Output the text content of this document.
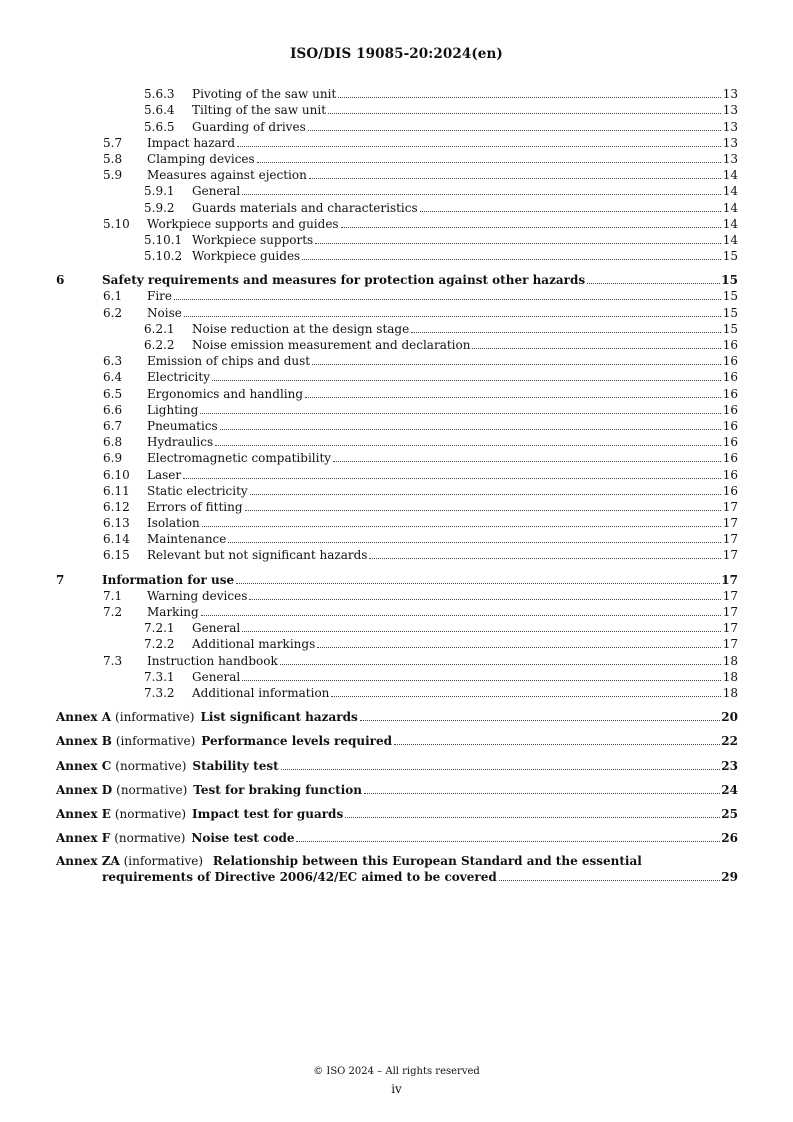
ISO/DIS 19085-20:2024(en)
5.6.3 Pivoting of the saw unit	13
5.6.4 Tilting of the saw unit	13
5.6.5 Guarding of drives	13
5.7 Impact hazard	13
5.8 Clamping devices	13
5.9 Measures against ejection	14
5.9.1 General	14
5.9.2 Guards materials and characteristics	14
5.10 Workpiece supports and guides	14
5.10.1 Workpiece supports	14
5.10.2 Workpiece guides	15
6	Safety requirements and measures for protection against other hazards	15
6.1 Fire	15
6.2 Noise	15
6.2.1 Noise reduction at the design stage	15
6.2.2 Noise emission measurement and declaration	16
6.3 Emission of chips and dust	16
6.4 Electricity	16
6.5 Ergonomics and handling	16
6.6 Lighting	16
6.7 Pneumatics	16
6.8 Hydraulics	16
6.9 Electromagnetic compatibility	16
6.10 Laser	16
6.11 Static electricity	16
6.12 Errors of fitting	17
6.13 Isolation	17
6.14 Maintenance	17
6.15 Relevant but not significant hazards	17
7	Information for use	17
7.1 Warning devices	17
7.2 Marking	17
7.2.1 General	17
7.2.2 Additional markings	17
7.3 Instruction handbook	18
7.3.1 General	18
7.3.2 Additional information	18
Annex A (informative) List significant hazards	20
Annex B (informative) Performance levels required	22
Annex C (normative) Stability test	23
Annex D (normative) Test for braking function	24
Annex E (normative) Impact test for guards	25
Annex F (normative) Noise test code	26
Annex ZA (informative) Relationship between this European Standard and the essential
requirements of Directive 2006/42/EC aimed to be covered	29
© ISO 2024 – All rights reserved
iv
